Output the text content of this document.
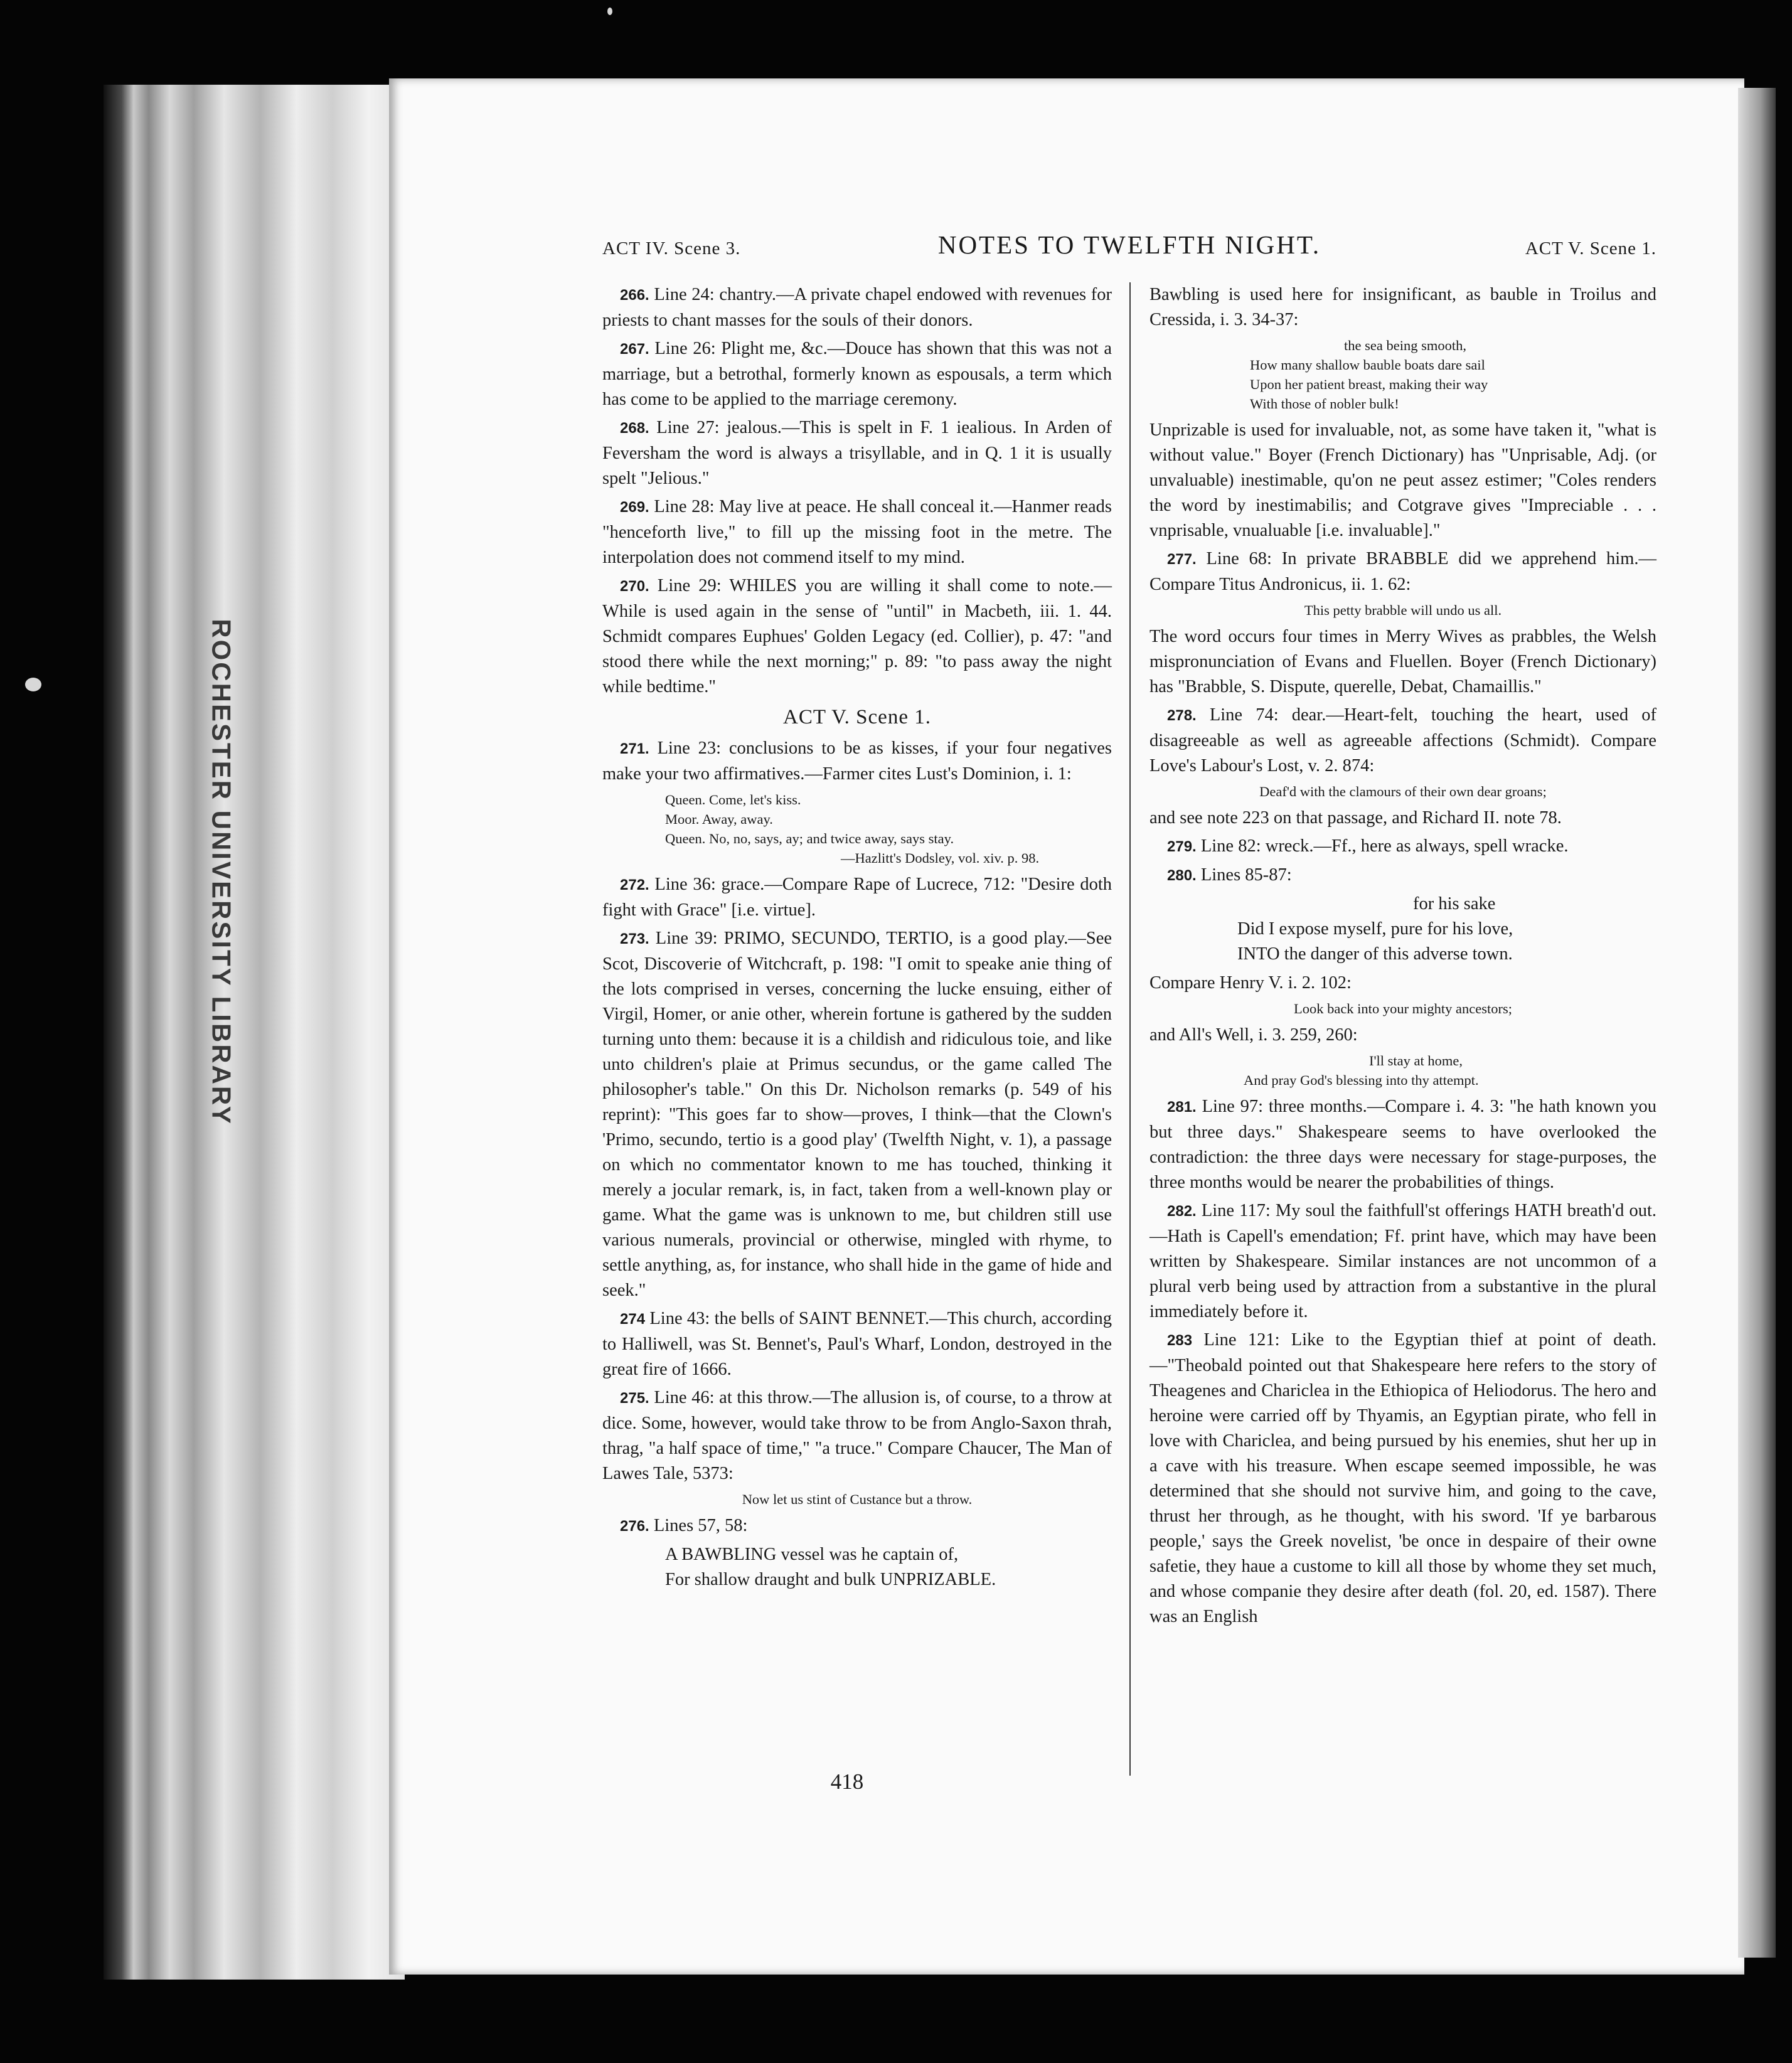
ROCHESTER UNIVERSITY LIBRARY
ACT IV. Scene 3.	NOTES TO TWELFTH NIGHT.	ACT V. Scene 1.

266. Line 24: chantry.—A private chapel endowed with revenues for priests to chant masses for the souls of their donors.

267. Line 26: Plight me, &c.—Douce has shown that this was not a marriage, but a betrothal, formerly known as espousals, a term which has come to be applied to the marriage ceremony.

268. Line 27: jealous.—This is spelt in F. 1 iealious. In Arden of Feversham the word is always a trisyllable, and in Q. 1 it is usually spelt "Jelious."

269. Line 28: May live at peace. He shall conceal it.—Hanmer reads "henceforth live," to fill up the missing foot in the metre. The interpolation does not commend itself to my mind.

270. Line 29: WHILES you are willing it shall come to note.—While is used again in the sense of "until" in Macbeth, iii. 1. 44. Schmidt compares Euphues' Golden Legacy (ed. Collier), p. 47: "and stood there while the next morning;" p. 89: "to pass away the night while bedtime."

ACT V. Scene 1.

271. Line 23: conclusions to be as kisses, if your four negatives make your two affirmatives.—Farmer cites Lust's Dominion, i. 1:

Queen. Come, let's kiss.
Moor. Away, away.
Queen. No, no, says, ay; and twice away, says stay.
—Hazlitt's Dodsley, vol. xiv. p. 98.

272. Line 36: grace.—Compare Rape of Lucrece, 712: "Desire doth fight with Grace" [i.e. virtue].

273. Line 39: PRIMO, SECUNDO, TERTIO, is a good play.—See Scot, Discoverie of Witchcraft, p. 198: "I omit to speake anie thing of the lots comprised in verses, concerning the lucke ensuing, either of Virgil, Homer, or anie other, wherein fortune is gathered by the sudden turning unto them: because it is a childish and ridiculous toie, and like unto children's plaie at Primus secundus, or the game called The philosopher's table." On this Dr. Nicholson remarks (p. 549 of his reprint): "This goes far to show—proves, I think—that the Clown's 'Primo, secundo, tertio is a good play' (Twelfth Night, v. 1), a passage on which no commentator known to me has touched, thinking it merely a jocular remark, is, in fact, taken from a well-known play or game. What the game was is unknown to me, but children still use various numerals, provincial or otherwise, mingled with rhyme, to settle anything, as, for instance, who shall hide in the game of hide and seek."

274 Line 43: the bells of SAINT BENNET.—This church, according to Halliwell, was St. Bennet's, Paul's Wharf, London, destroyed in the great fire of 1666.

275. Line 46: at this throw.—The allusion is, of course, to a throw at dice. Some, however, would take throw to be from Anglo-Saxon thrah, thrag, "a half space of time," "a truce." Compare Chaucer, The Man of Lawes Tale, 5373:

Now let us stint of Custance but a throw.

276. Lines 57, 58:

A BAWBLING vessel was he captain of,
For shallow draught and bulk UNPRIZABLE.

Bawbling is used here for insignificant, as bauble in Troilus and Cressida, i. 3. 34-37:

the sea being smooth,
How many shallow bauble boats dare sail
Upon her patient breast, making their way
With those of nobler bulk!

Unprizable is used for invaluable, not, as some have taken it, "what is without value." Boyer (French Dictionary) has "Unprisable, Adj. (or unvaluable) inestimable, qu'on ne peut assez estimer; "Coles renders the word by inestimabilis; and Cotgrave gives "Impreciable . . . vnprisable, vnualuable [i.e. invaluable]."

277. Line 68: In private BRABBLE did we apprehend him.—Compare Titus Andronicus, ii. 1. 62:

This petty brabble will undo us all.

The word occurs four times in Merry Wives as prabbles, the Welsh mispronunciation of Evans and Fluellen. Boyer (French Dictionary) has "Brabble, S. Dispute, querelle, Debat, Chamaillis."

278. Line 74: dear.—Heart-felt, touching the heart, used of disagreeable as well as agreeable affections (Schmidt). Compare Love's Labour's Lost, v. 2. 874:

Deaf'd with the clamours of their own dear groans;

and see note 223 on that passage, and Richard II. note 78.

279. Line 82: wreck.—Ff., here as always, spell wracke.

280. Lines 85-87:

for his sake
Did I expose myself, pure for his love,
INTO the danger of this adverse town.

Compare Henry V. i. 2. 102:

Look back into your mighty ancestors;

and All's Well, i. 3. 259, 260:

I'll stay at home,
And pray God's blessing into thy attempt.

281. Line 97: three months.—Compare i. 4. 3: "he hath known you but three days." Shakespeare seems to have overlooked the contradiction: the three days were necessary for stage-purposes, the three months would be nearer the probabilities of things.

282. Line 117: My soul the faithfull'st offerings HATH breath'd out.—Hath is Capell's emendation; Ff. print have, which may have been written by Shakespeare. Similar instances are not uncommon of a plural verb being used by attraction from a substantive in the plural immediately before it.

283 Line 121: Like to the Egyptian thief at point of death.—"Theobald pointed out that Shakespeare here refers to the story of Theagenes and Chariclea in the Ethiopica of Heliodorus. The hero and heroine were carried off by Thyamis, an Egyptian pirate, who fell in love with Chariclea, and being pursued by his enemies, shut her up in a cave with his treasure. When escape seemed impossible, he was determined that she should not survive him, and going to the cave, thrust her through, as he thought, with his sword. 'If ye barbarous people,' says the Greek novelist, 'be once in despaire of their owne safetie, they haue a custome to kill all those by whome they set much, and whose companie they desire after death (fol. 20, ed. 1587). There was an English

418
